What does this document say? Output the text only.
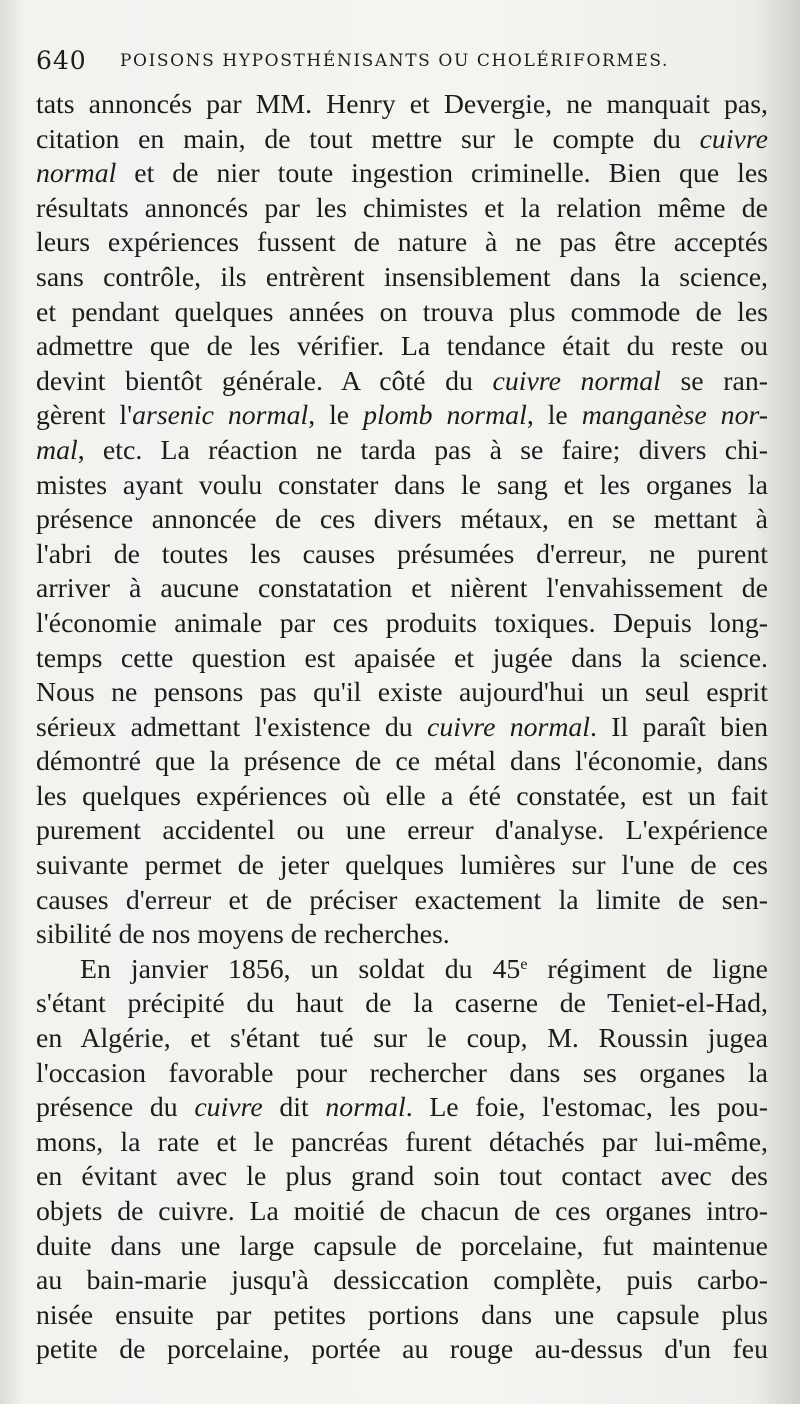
640 POISONS HYPOSTHÉNISANTS OU CHOLÉRIFORMES.
tats annoncés par MM. Henry et Devergie, ne manquait pas,
citation en main, de tout mettre sur le compte du cuivre
normal et de nier toute ingestion criminelle. Bien que les
résultats annoncés par les chimistes et la relation même de
leurs expériences fussent de nature à ne pas être acceptés
sans contrôle, ils entrèrent insensiblement dans la science,
et pendant quelques années on trouva plus commode de les
admettre que de les vérifier. La tendance était du reste ou
devint bientôt générale. A côté du cuivre normal se ran-
gèrent l'arsenic normal, le plomb normal, le manganèse nor-
mal, etc. La réaction ne tarda pas à se faire; divers chi-
mistes ayant voulu constater dans le sang et les organes la
présence annoncée de ces divers métaux, en se mettant à
l'abri de toutes les causes présumées d'erreur, ne purent
arriver à aucune constatation et nièrent l'envahissement de
l'économie animale par ces produits toxiques. Depuis long-
temps cette question est apaisée et jugée dans la science.
Nous ne pensons pas qu'il existe aujourd'hui un seul esprit
sérieux admettant l'existence du cuivre normal. Il paraît bien
démontré que la présence de ce métal dans l'économie, dans
les quelques expériences où elle a été constatée, est un fait
purement accidentel ou une erreur d'analyse. L'expérience
suivante permet de jeter quelques lumières sur l'une de ces
causes d'erreur et de préciser exactement la limite de sen-
sibilité de nos moyens de recherches.
En janvier 1856, un soldat du 45e régiment de ligne
s'étant précipité du haut de la caserne de Teniet-el-Had,
en Algérie, et s'étant tué sur le coup, M. Roussin jugea
l'occasion favorable pour rechercher dans ses organes la
présence du cuivre dit normal. Le foie, l'estomac, les pou-
mons, la rate et le pancréas furent détachés par lui-même,
en évitant avec le plus grand soin tout contact avec des
objets de cuivre. La moitié de chacun de ces organes intro-
duite dans une large capsule de porcelaine, fut maintenue
au bain-marie jusqu'à dessiccation complète, puis carbo-
nisée ensuite par petites portions dans une capsule plus
petite de porcelaine, portée au rouge au-dessus d'un feu
